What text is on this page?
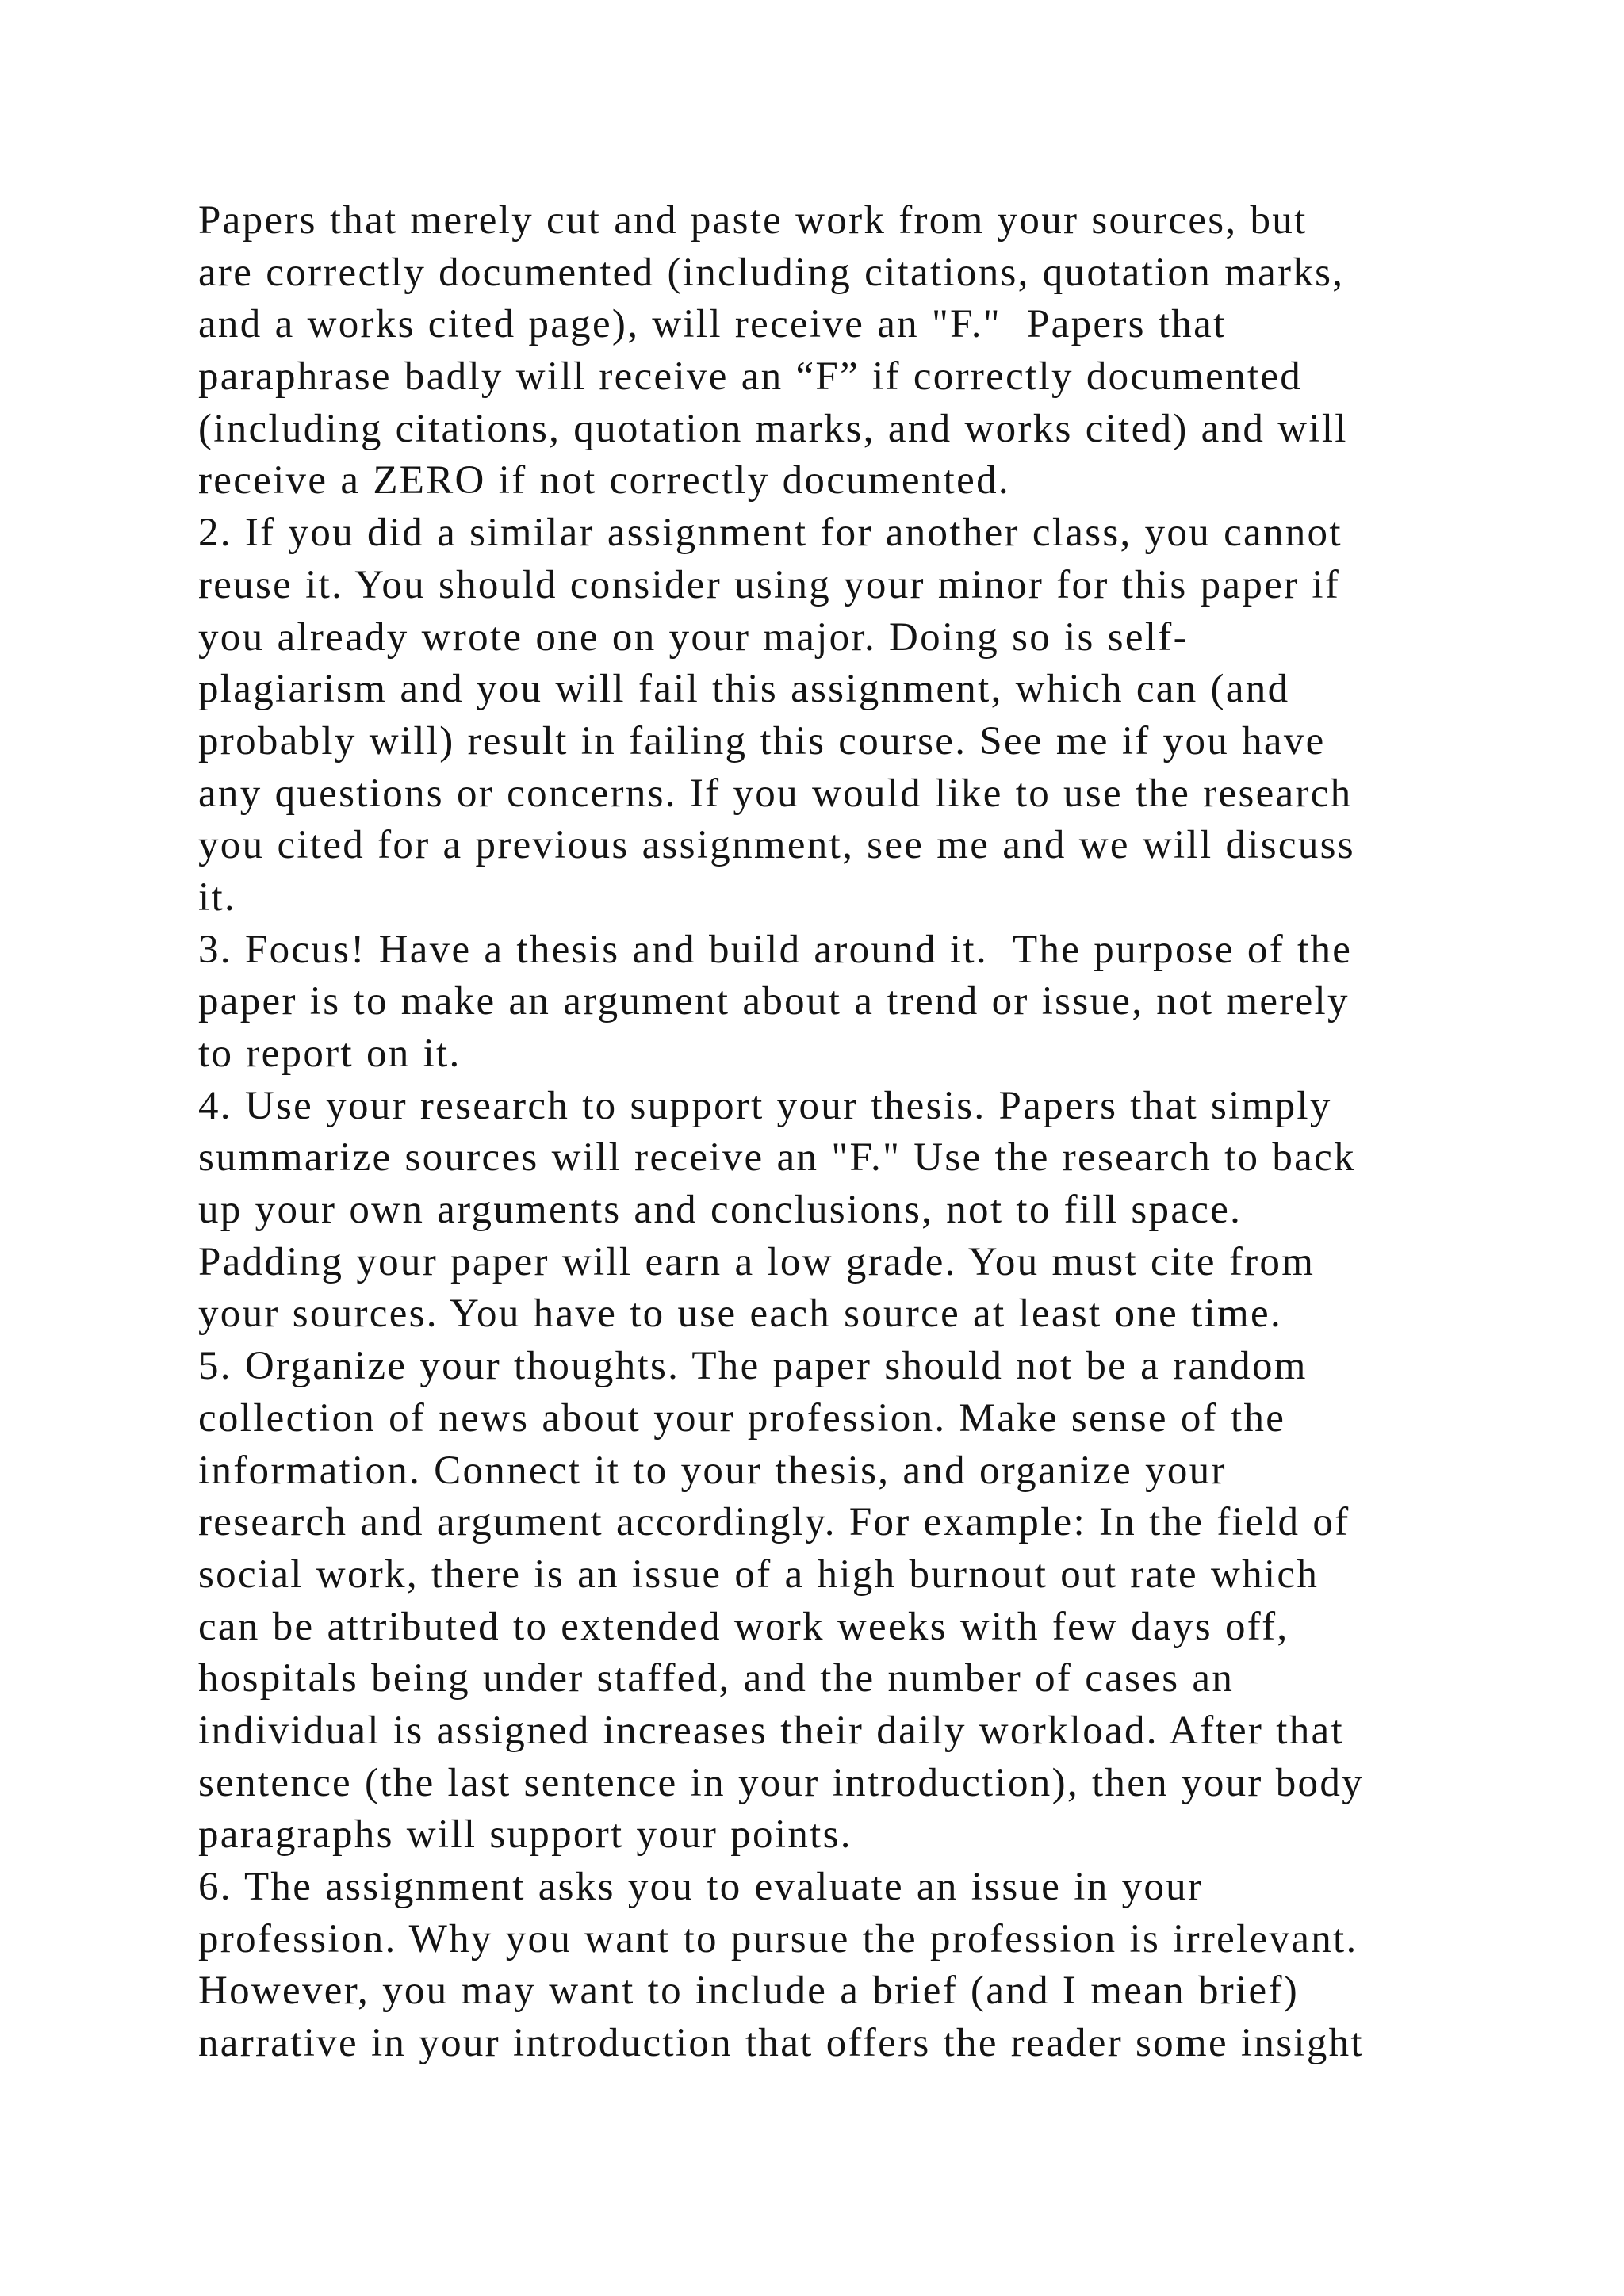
Papers that merely cut and paste work from your sources, but
are correctly documented (including citations, quotation marks,
and a works cited page), will receive an "F."  Papers that
paraphrase badly will receive an “F” if correctly documented
(including citations, quotation marks, and works cited) and will
receive a ZERO if not correctly documented.
2. If you did a similar assignment for another class, you cannot
reuse it. You should consider using your minor for this paper if
you already wrote one on your major. Doing so is self-
plagiarism and you will fail this assignment, which can (and
probably will) result in failing this course. See me if you have
any questions or concerns. If you would like to use the research
you cited for a previous assignment, see me and we will discuss
it.
3. Focus! Have a thesis and build around it.  The purpose of the
paper is to make an argument about a trend or issue, not merely
to report on it.
4. Use your research to support your thesis. Papers that simply
summarize sources will receive an "F." Use the research to back
up your own arguments and conclusions, not to fill space.
Padding your paper will earn a low grade. You must cite from
your sources. You have to use each source at least one time.
5. Organize your thoughts. The paper should not be a random
collection of news about your profession. Make sense of the
information. Connect it to your thesis, and organize your
research and argument accordingly. For example: In the field of
social work, there is an issue of a high burnout out rate which
can be attributed to extended work weeks with few days off,
hospitals being under staffed, and the number of cases an
individual is assigned increases their daily workload. After that
sentence (the last sentence in your introduction), then your body
paragraphs will support your points.
6. The assignment asks you to evaluate an issue in your
profession. Why you want to pursue the profession is irrelevant.
However, you may want to include a brief (and I mean brief)
narrative in your introduction that offers the reader some insight
